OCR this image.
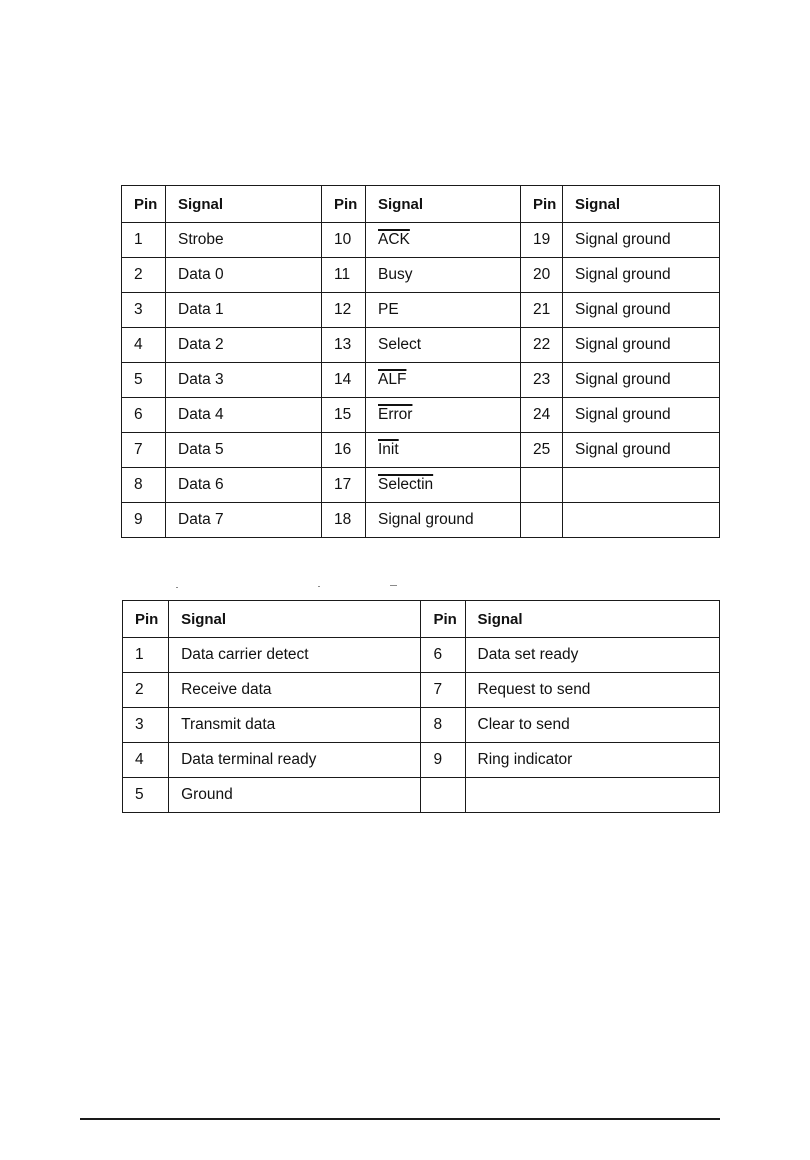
Pin	Signal	Pin	Signal	Pin	Signal
1	Strobe	10	$\overline{ACK}$	19	Signal ground
2	Data 0	11	Busy	20	Signal ground
3	Data 1	12	PE	21	Signal ground
4	Data 2	13	Select	22	Signal ground
5	Data 3	14	$\overline{ALF}$	23	Signal ground
6	Data 4	15	Error	24	Signal ground
7	Data 5	16	Init	25	Signal ground
8	Data 6	17	Selectin		
9	Data 7	18	Signal ground		
Pin	Signal	Pin	Signal
1	Data carrier detect	6	Data set ready
2	Receive data	7	Request to send
3	Transmit data	8	Clear to send
4	Data terminal ready	9	Ring indicator
5	Ground		
